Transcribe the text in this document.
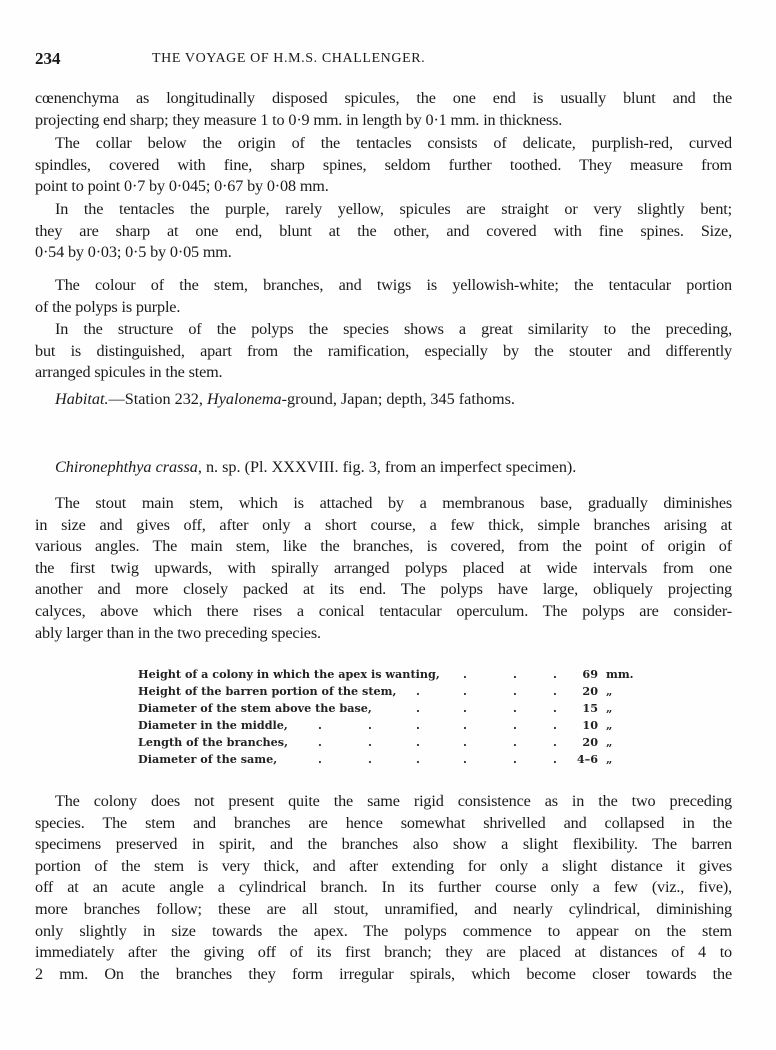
234	THE VOYAGE OF H.M.S. CHALLENGER.
cœnenchyma as longitudinally disposed spicules, the one end is usually blunt and the
projecting end sharp; they measure 1 to 0·9 mm. in length by 0·1 mm. in thickness.
The collar below the origin of the tentacles consists of delicate, purplish-red, curved
spindles, covered with fine, sharp spines, seldom further toothed. They measure from
point to point 0·7 by 0·045; 0·67 by 0·08 mm.
In the tentacles the purple, rarely yellow, spicules are straight or very slightly bent;
they are sharp at one end, blunt at the other, and covered with fine spines. Size,
0·54 by 0·03; 0·5 by 0·05 mm.
The colour of the stem, branches, and twigs is yellowish-white; the tentacular portion
of the polyps is purple.
In the structure of the polyps the species shows a great similarity to the preceding,
but is distinguished, apart from the ramification, especially by the stouter and differently
arranged spicules in the stem.
Habitat.—Station 232, Hyalonema-ground, Japan; depth, 345 fathoms.
Chironephthya crassa, n. sp. (Pl. XXXVIII. fig. 3, from an imperfect specimen).
The stout main stem, which is attached by a membranous base, gradually diminishes
in size and gives off, after only a short course, a few thick, simple branches arising at
various angles. The main stem, like the branches, is covered, from the point of origin of
the first twig upwards, with spirally arranged polyps placed at wide intervals from one
another and more closely packed at its end. The polyps have large, obliquely projecting
calyces, above which there rises a conical tentacular operculum. The polyps are consider-
ably larger than in the two preceding species.
Height of a colony in which the apex is wanting, .	.	.	69 mm.
Height of the barren portion of the stem, .	.	.	.	20 „
Diameter of the stem above the base,	.	.	.	.	15 „
Diameter in the middle,	.	.	.	.	.	.	10 „
Length of the branches,	.	.	.	.	.	.	20 „
Diameter of the same,	.	.	.	.	.	.	4–6 „
The colony does not present quite the same rigid consistence as in the two preceding
species. The stem and branches are hence somewhat shrivelled and collapsed in the
specimens preserved in spirit, and the branches also show a slight flexibility. The barren
portion of the stem is very thick, and after extending for only a slight distance it gives
off at an acute angle a cylindrical branch. In its further course only a few (viz., five),
more branches follow; these are all stout, unramified, and nearly cylindrical, diminishing
only slightly in size towards the apex. The polyps commence to appear on the stem
immediately after the giving off of its first branch; they are placed at distances of 4 to
2 mm. On the branches they form irregular spirals, which become closer towards the
